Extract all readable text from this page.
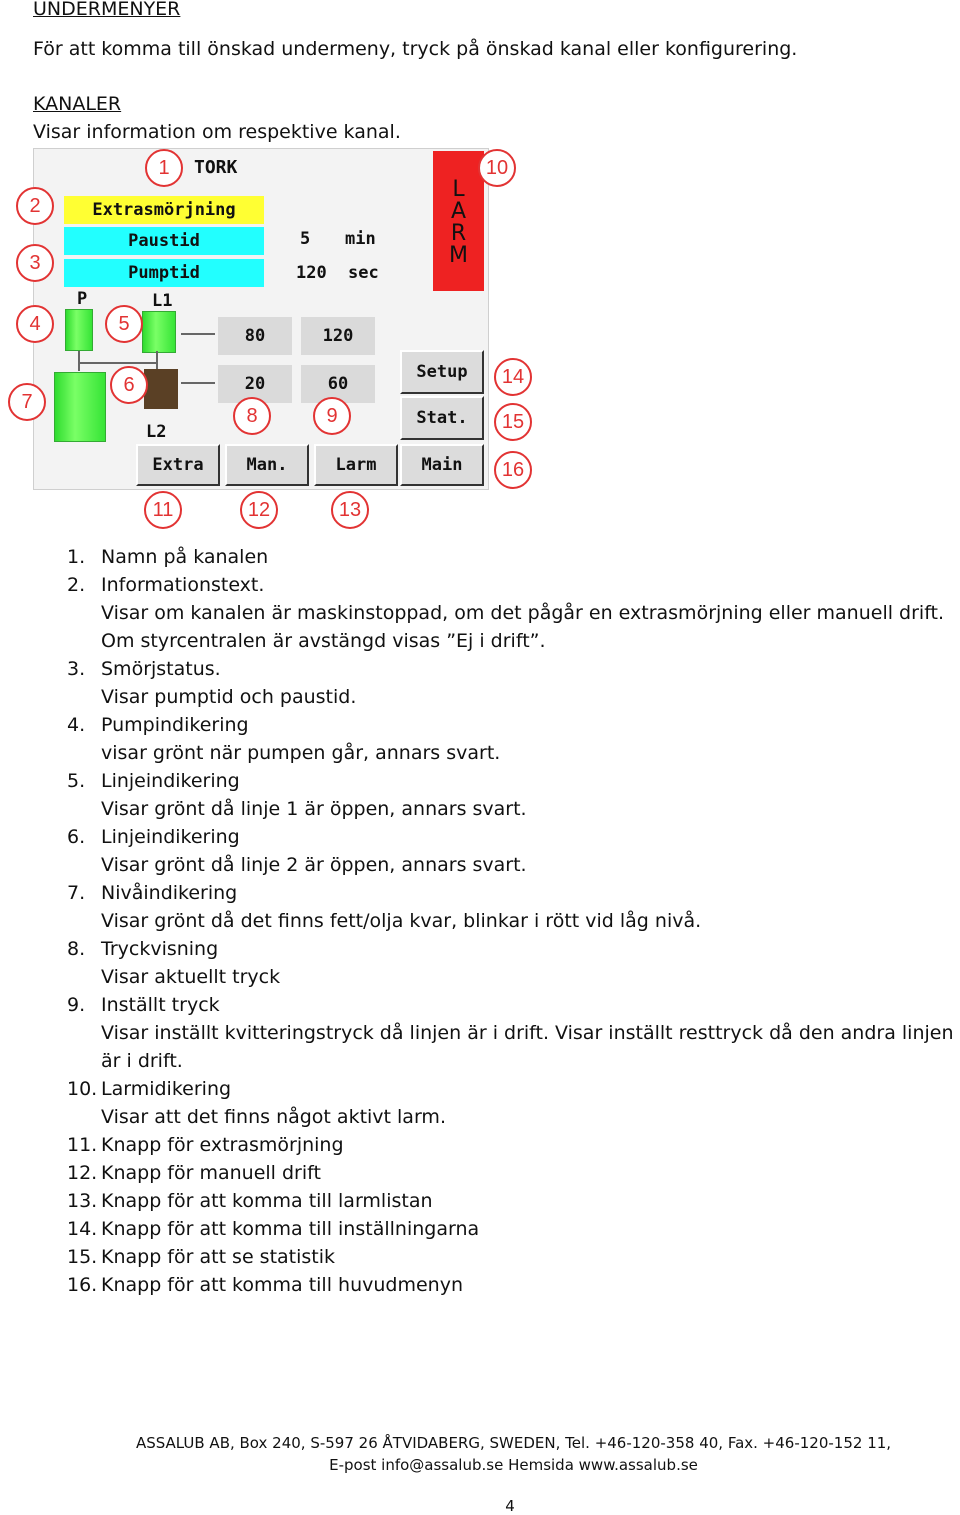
UNDERMENYER
För att komma till önskad undermeny, tryck på önskad kanal eller konfigurering.
KANALER
Visar information om respektive kanal.
TORK
Extrasmörjning
Paustid
Pumptid
5 min
120 sec
L
A
R
M
P	L1
L2
80	120
20	60
Setup
Stat.
Extra	Man.	Larm	Main
1
2
3
4	5
6
7
8	9
10
11	12	13
14
15
16
1. Namn på kanalen
2. Informationstext.
Visar om kanalen är maskinstoppad, om det pågår en extrasmörjning eller manuell drift. Om styrcentralen är avstängd visas ”Ej i drift”.
3. Smörjstatus.
Visar pumptid och paustid.
4. Pumpindikering
visar grönt när pumpen går, annars svart.
5. Linjeindikering
Visar grönt då linje 1 är öppen, annars svart.
6. Linjeindikering
Visar grönt då linje 2 är öppen, annars svart.
7. Nivåindikering
Visar grönt då det finns fett/olja kvar, blinkar i rött vid låg nivå.
8. Tryckvisning
Visar aktuellt tryck
9. Inställt tryck
Visar inställt kvitteringstryck då linjen är i drift. Visar inställt resttryck då den andra linjen är i drift.
10. Larmidikering
Visar att det finns något aktivt larm.
11. Knapp för extrasmörjning
12. Knapp för manuell drift
13. Knapp för att komma till larmlistan
14. Knapp för att komma till inställningarna
15. Knapp för att se statistik
16. Knapp för att komma till huvudmenyn
ASSALUB AB, Box 240, S-597 26 ÅTVIDABERG, SWEDEN, Tel. +46-120-358 40, Fax. +46-120-152 11,
E-post info@assalub.se Hemsida www.assalub.se
4
